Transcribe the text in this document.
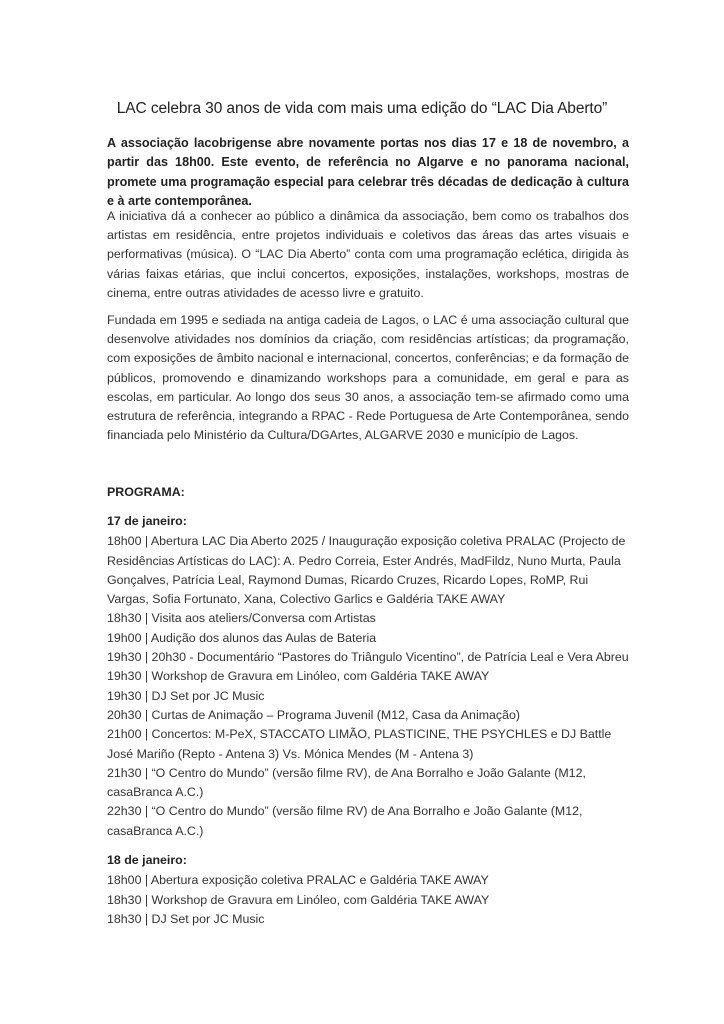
LAC celebra 30 anos de vida com mais uma edição do “LAC Dia Aberto”

A associação lacobrigense abre novamente portas nos dias 17 e 18 de novembro, a partir das 18h00. Este evento, de referência no Algarve e no panorama nacional, promete uma programação especial para celebrar três décadas de dedicação à cultura e à arte contemporânea.

A iniciativa dá a conhecer ao público a dinâmica da associação, bem como os trabalhos dos artistas em residência, entre projetos individuais e coletivos das áreas das artes visuais e performativas (música). O “LAC Dia Aberto” conta com uma programação eclética, dirigida às várias faixas etárias, que inclui concertos, exposições, instalações, workshops, mostras de cinema, entre outras atividades de acesso livre e gratuito.

Fundada em 1995 e sediada na antiga cadeia de Lagos, o LAC é uma associação cultural que desenvolve atividades nos domínios da criação, com residências artísticas; da programação, com exposições de âmbito nacional e internacional, concertos, conferências; e da formação de públicos, promovendo e dinamizando workshops para a comunidade, em geral e para as escolas, em particular. Ao longo dos seus 30 anos, a associação tem-se afirmado como uma estrutura de referência, integrando a RPAC - Rede Portuguesa de Arte Contemporânea, sendo financiada pelo Ministério da Cultura/DGArtes, ALGARVE 2030 e município de Lagos.

PROGRAMA:
17 de janeiro:
18h00 | Abertura LAC Dia Aberto 2025 / Inauguração exposição coletiva PRALAC (Projecto de Residências Artísticas do LAC): A. Pedro Correia, Ester Andrés, MadFildz, Nuno Murta, Paula Gonçalves, Patrícia Leal, Raymond Dumas, Ricardo Cruzes, Ricardo Lopes, RoMP, Rui Vargas, Sofia Fortunato, Xana, Colectivo Garlics e Galdéria TAKE AWAY
18h30 | Visita aos ateliers/Conversa com Artistas
19h00 | Audição dos alunos das Aulas de Bateria
19h30 | 20h30 - Documentário “Pastores do Triângulo Vicentino”, de Patrícia Leal e Vera Abreu
19h30 | Workshop de Gravura em Linóleo, com Galdéria TAKE AWAY
19h30 | DJ Set por JC Music
20h30 | Curtas de Animação – Programa Juvenil (M12, Casa da Animação)
21h00 | Concertos: M-PeX, STACCATO LIMÃO, PLASTICINE, THE PSYCHLES e DJ Battle José Mariño (Repto - Antena 3) Vs. Mónica Mendes (M - Antena 3)
21h30 | “O Centro do Mundo” (versão filme RV), de Ana Borralho e João Galante (M12, casaBranca A.C.)
22h30 | “O Centro do Mundo” (versão filme RV) de Ana Borralho e João Galante (M12, casaBranca A.C.)
18 de janeiro:
18h00 | Abertura exposição coletiva PRALAC e Galdéria TAKE AWAY
18h30 | Workshop de Gravura em Linóleo, com Galdéria TAKE AWAY
18h30 | DJ Set por JC Music
